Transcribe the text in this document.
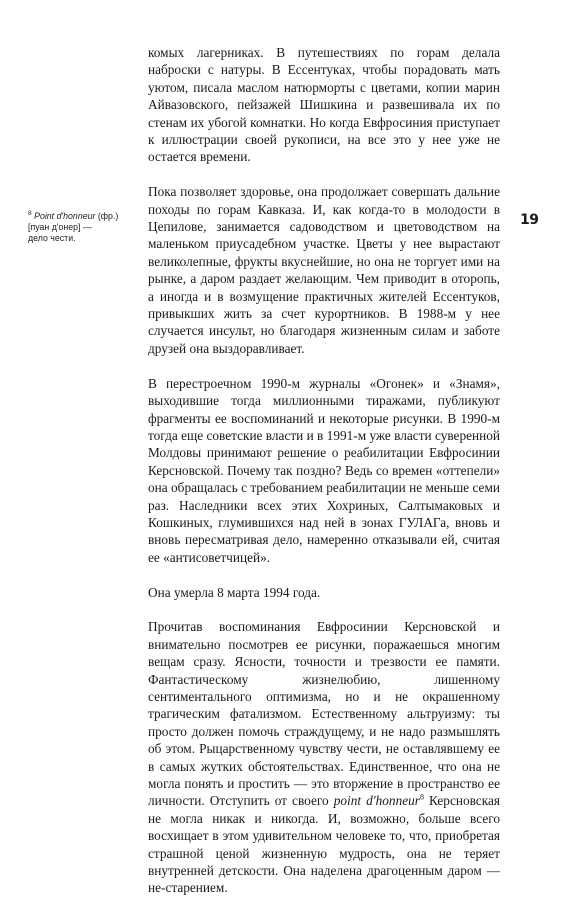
$^8$ Point d'honneur (фр.)
[пуан д'онер] —
дело чести.
19

комых лагерниках. В путешествиях по горам делала наброски с натуры. В Ессентуках, чтобы порадовать мать уютом, писала маслом натюрморты с цветами, копии марин Айвазовского, пейзажей Шишкина и развешивала их по стенам их убогой комнатки. Но когда Евфросиния приступает к иллюстрации своей рукописи, на все это у нее уже не остается времени.

Пока позволяет здоровье, она продолжает совершать дальние походы по горам Кавказа. И, как когда-то в молодости в Цепилове, занимается садоводством и цветоводством на маленьком приусадебном участке. Цветы у нее вырастают великолепные, фрукты вкуснейшие, но она не торгует ими на рынке, а даром раздает желающим. Чем приводит в оторопь, а иногда и в возмущение практичных жителей Ессентуков, привыкших жить за счет курортников. В 1988-м у нее случается инсульт, но благодаря жизненным силам и заботе друзей она выздоравливает.

В перестроечном 1990-м журналы «Огонек» и «Знамя», выходившие тогда миллионными тиражами, публикуют фрагменты ее воспоминаний и некоторые рисунки. В 1990-м тогда еще советские власти и в 1991-м уже власти суверенной Молдовы принимают решение о реабилитации Евфросинии Керсновской. Почему так поздно? Ведь со времен «оттепели» она обращалась с требованием реабилитации не меньше семи раз. Наследники всех этих Хохриных, Салтымаковых и Кошкиных, глумившихся над ней в зонах ГУЛАГа, вновь и вновь пересматривая дело, намеренно отказывали ей, считая ее «антисоветчицей».

Она умерла 8 марта 1994 года.

Прочитав воспоминания Евфросинии Керсновской и внимательно посмотрев ее рисунки, поражаешься многим вещам сразу. Ясности, точности и трезвости ее памяти. Фантастическому жизнелюбию, лишенному сентиментального оптимизма, но и не окрашенному трагическим фатализмом. Естественному альтруизму: ты просто должен помочь страждущему, и не надо размышлять об этом. Рыцарственному чувству чести, не оставлявшему ее в самых жутких обстоятельствах. Единственное, что она не могла понять и простить — это вторжение в пространство ее личности. Отступить от своего point d'honneur$^8$ Керсновская не могла никак и никогда. И, возможно, больше всего восхищает в этом удивительном человеке то, что, приобретая страшной ценой жизненную мудрость, она не теряет внутренней детскости. Она наделена драгоценным даром — не-старением.
